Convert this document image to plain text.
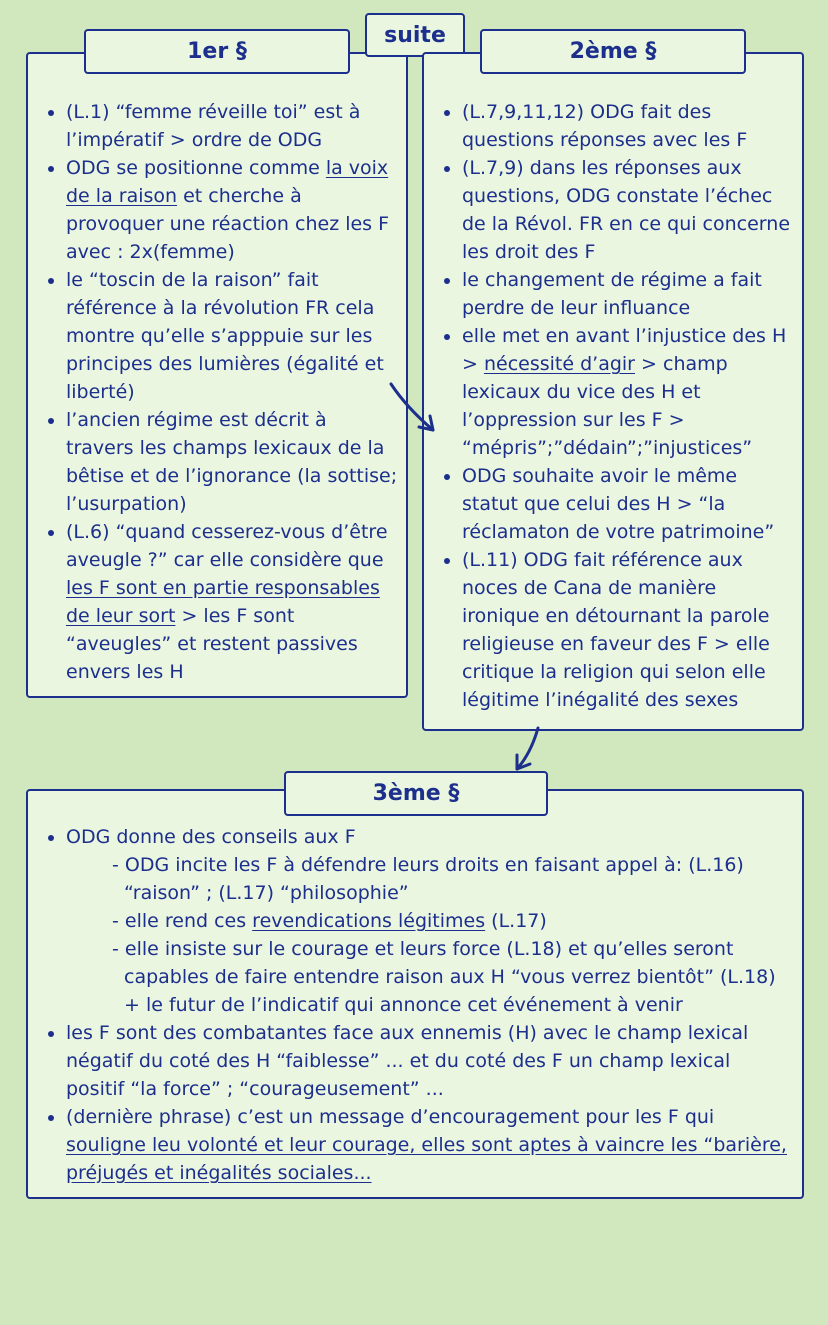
• (L.1) “femme réveille toi” est à l’impératif > ordre de ODG
• ODG se positionne comme la voix de la raison et cherche à provoquer une réaction chez les F avec : 2x(femme)
• le “toscin de la raison” fait référence à la révolution FR cela montre qu’elle s’apppuie sur les principes des lumières (égalité et liberté)
• l’ancien régime est décrit à travers les champs lexicaux de la bêtise et de l’ignorance (la sottise; l’usurpation)
• (L.6) “quand cesserez-vous d’être aveugle ?” car elle considère que les F sont en partie responsables de leur sort > les F sont “aveugles” et restent passives envers les H
1er §
suite
• (L.7,9,11,12) ODG fait des questions réponses avec les F
• (L.7,9) dans les réponses aux questions, ODG constate l’échec de la Révol. FR en ce qui concerne les droit des F
• le changement de régime a fait perdre de leur influance
• elle met en avant l’injustice des H > nécessité d’agir > champ lexicaux du vice des H et l’oppression sur les F > “mépris”;”dédain”;”injustices”
• ODG souhaite avoir le même statut que celui des H > “la réclamaton de votre patrimoine”
• (L.11) ODG fait référence aux noces de Cana de manière ironique en détournant la parole religieuse en faveur des F > elle critique la religion qui selon elle légitime l’inégalité des sexes
2ème §
• ODG donne des conseils aux F
- ODG incite les F à défendre leurs droits en faisant appel à: (L.16) “raison” ; (L.17) “philosophie”
- elle rend ces revendications légitimes (L.17)
- elle insiste sur le courage et leurs force (L.18) et qu’elles seront capables de faire entendre raison aux H “vous verrez bientôt” (L.18) + le futur de l’indicatif qui annonce cet événement à venir
• les F sont des combatantes face aux ennemis (H) avec le champ lexical négatif du coté des H “faiblesse” ... et du coté des F un champ lexical positif “la force” ; “courageusement” ...
• (dernière phrase) c’est un message d’encouragement pour les F qui souligne leu volonté et leur courage, elles sont aptes à vaincre les “barière, préjugés et inégalités sociales...
3ème §
